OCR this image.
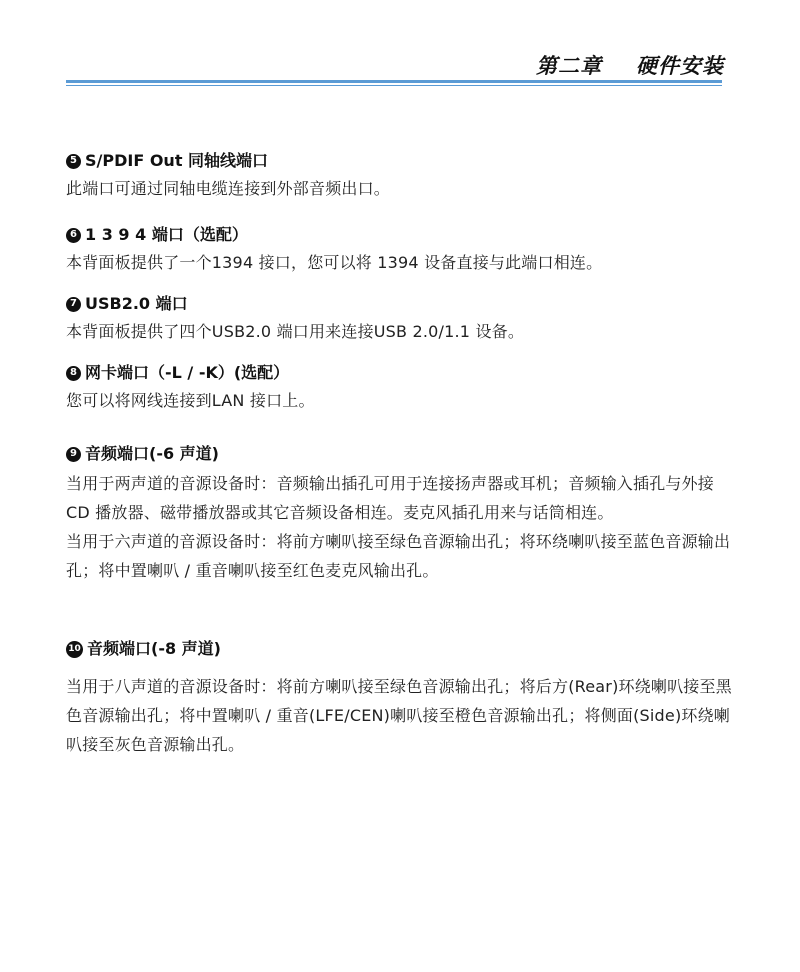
第二章 硬件安装
5 S/PDIF Out 同轴线端口

此端口可通过同轴电缆连接到外部音频出口。

6 1 3 9 4 端口（选配）

本背面板提供了一个1394 接口，您可以将 1394 设备直接与此端口相连。

7 USB2.0 端口

本背面板提供了四个USB2.0 端口用来连接USB 2.0/1.1 设备。

8 网卡端口（-L / -K）(选配）

您可以将网线连接到LAN 接口上。

9 音频端口(-6 声道)

当用于两声道的音源设备时：音频输出插孔可用于连接扬声器或耳机；音频输入插孔与外接CD 播放器、磁带播放器或其它音频设备相连。麦克风插孔用来与话筒相连。

当用于六声道的音源设备时：将前方喇叭接至绿色音源输出孔；将环绕喇叭接至蓝色音源输出孔；将中置喇叭 / 重音喇叭接至红色麦克风输出孔。

10 音频端口(-8 声道)

当用于八声道的音源设备时：将前方喇叭接至绿色音源输出孔；将后方(Rear)环绕喇叭接至黑色音源输出孔；将中置喇叭 / 重音(LFE/CEN)喇叭接至橙色音源输出孔；将侧面(Side)环绕喇叭接至灰色音源输出孔。
